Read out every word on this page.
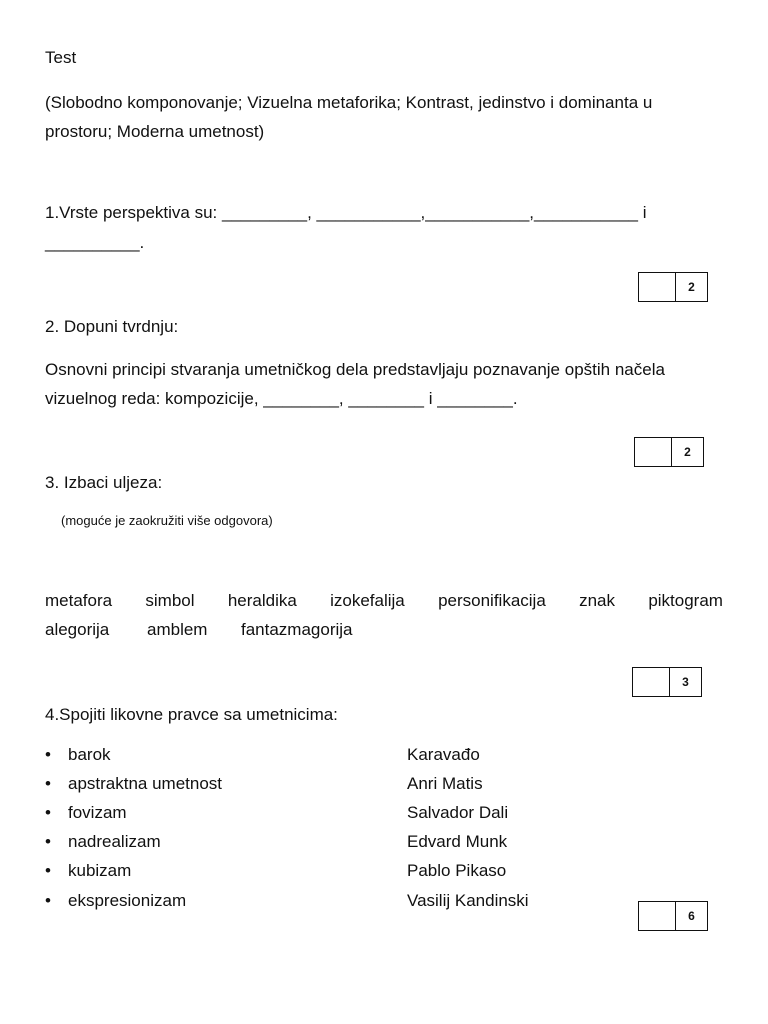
Test
(Slobodno komponovanje; Vizuelna metaforika; Kontrast, jedinstvo i dominanta u prostoru; Moderna umetnost)
1.Vrste perspektiva su: _________, ___________,___________,___________ i
__________.
2
2. Dopuni tvrdnju:
Osnovni principi stvaranja umetničkog dela predstavljaju poznavanje opštih načela vizuelnog reda: kompozicije, ________, ________ i ________.
2
3. Izbaci uljeza:
(moguće je zaokružiti više odgovora)
metafora simbol heraldika izokefalija personifikacija znak piktogram
alegorija amblem fantazmagorija
3
4.Spojiti likovne pravce sa umetnicima:
• barok	Karavađo
• apstraktna umetnost	Anri Matis
• fovizam	Salvador Dali
• nadrealizam	Edvard Munk
• kubizam	Pablo Pikaso
• ekspresionizam	Vasilij Kandinski
6
